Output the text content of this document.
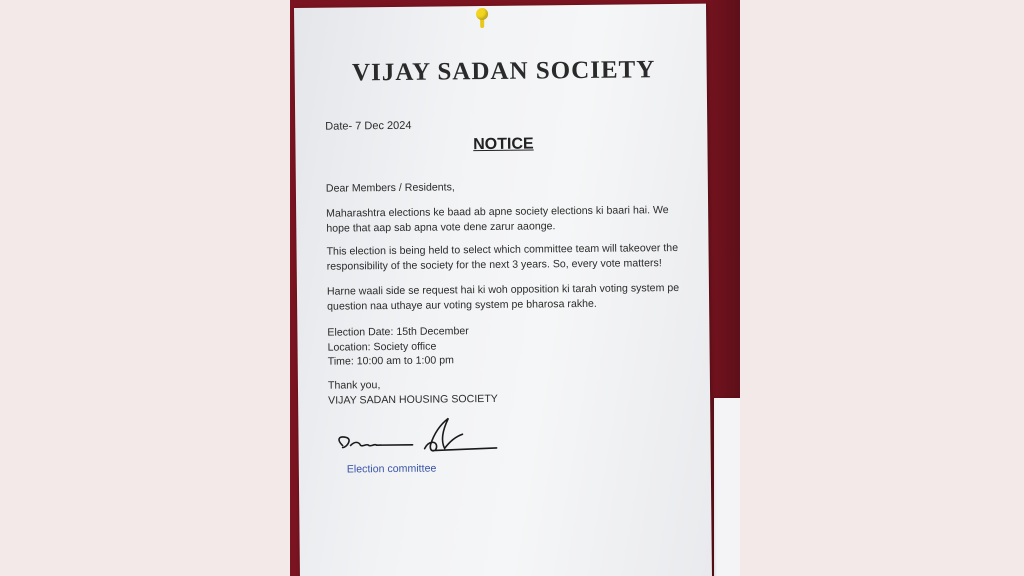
VIJAY SADAN SOCIETY
Date- 7 Dec 2024
NOTICE

Dear Members / Residents,

Maharashtra elections ke baad ab apne society elections ki baari hai. We hope that aap sab apna vote dene zarur aaonge.

This election is being held to select which committee team will takeover the responsibility of the society for the next 3 years. So, every vote matters!

Harne waali side se request hai ki woh opposition ki tarah voting system pe question naa uthaye aur voting system pe bharosa rakhe.

Election Date: 15th December
Location: Society office
Time: 10:00 am to 1:00 pm
Thank you,
VIJAY SADAN HOUSING SOCIETY
Election committee
